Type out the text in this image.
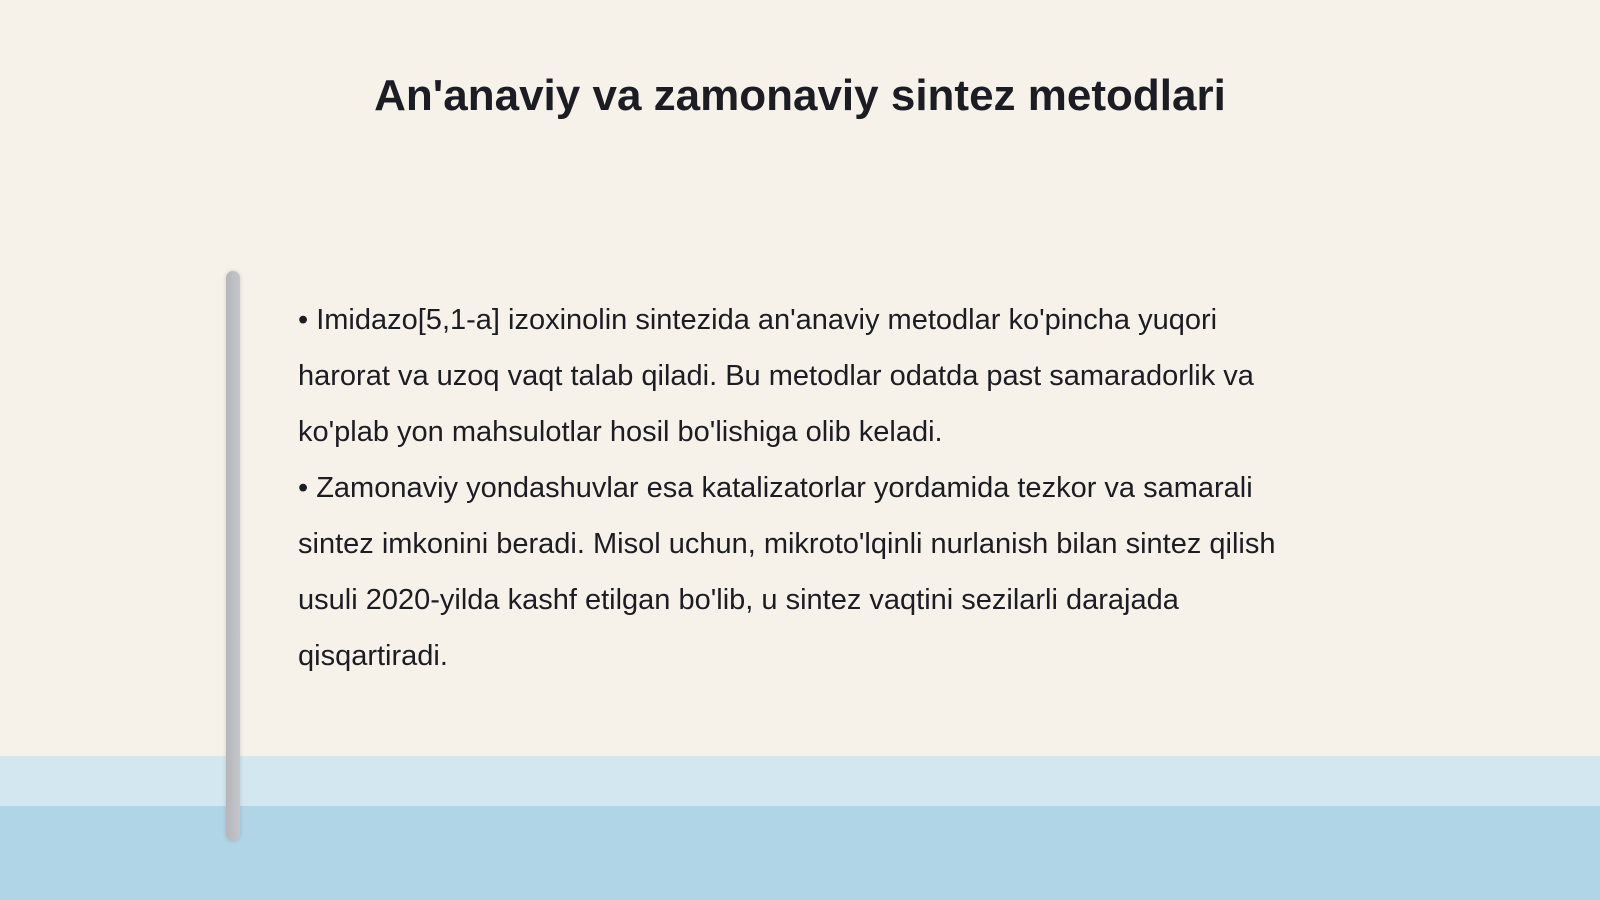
An'anaviy va zamonaviy sintez metodlari

• Imidazo[5,1-a] izoxinolin sintezida an'anaviy metodlar ko'pincha yuqori harorat va uzoq vaqt talab qiladi. Bu metodlar odatda past samaradorlik va ko'plab yon mahsulotlar hosil bo'lishiga olib keladi.

• Zamonaviy yondashuvlar esa katalizatorlar yordamida tezkor va samarali sintez imkonini beradi. Misol uchun, mikroto'lqinli nurlanish bilan sintez qilish usuli 2020-yilda kashf etilgan bo'lib, u sintez vaqtini sezilarli darajada qisqartiradi.
